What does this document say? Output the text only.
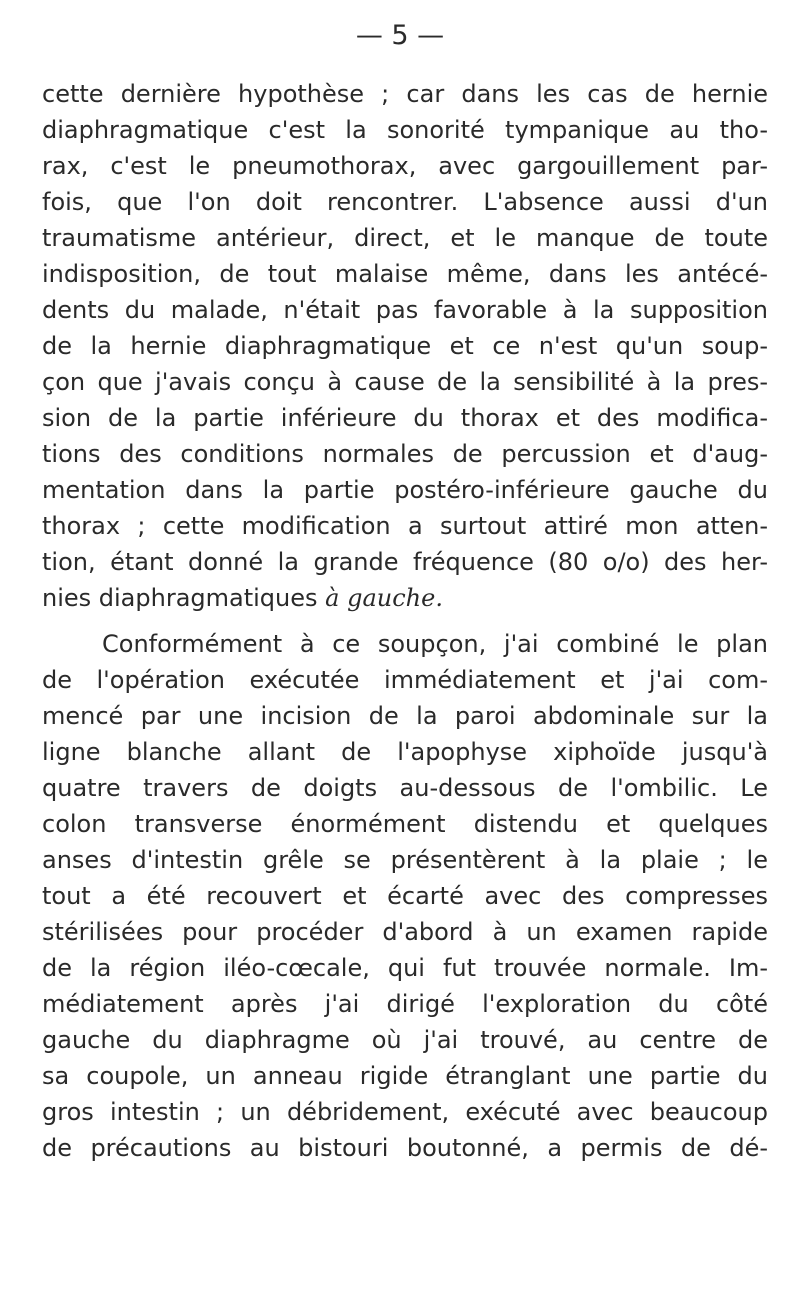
— 5 —
cette dernière hypothèse ; car dans les cas de hernie
diaphragmatique c'est la sonorité tympanique au tho-
rax, c'est le pneumothorax, avec gargouillement par-
fois, que l'on doit rencontrer. L'absence aussi d'un
traumatisme antérieur, direct, et le manque de toute
indisposition, de tout malaise même, dans les antécé-
dents du malade, n'était pas favorable à la supposition
de la hernie diaphragmatique et ce n'est qu'un soup-
çon que j'avais conçu à cause de la sensibilité à la pres-
sion de la partie inférieure du thorax et des modifica-
tions des conditions normales de percussion et d'aug-
mentation dans la partie postéro-inférieure gauche du
thorax ; cette modification a surtout attiré mon atten-
tion, étant donné la grande fréquence (80 o/o) des her-
nies diaphragmatiques à gauche.
Conformément à ce soupçon, j'ai combiné le plan
de l'opération exécutée immédiatement et j'ai com-
mencé par une incision de la paroi abdominale sur la
ligne blanche allant de l'apophyse xiphoïde jusqu'à
quatre travers de doigts au-dessous de l'ombilic. Le
colon transverse énormément distendu et quelques
anses d'intestin grêle se présentèrent à la plaie ; le
tout a été recouvert et écarté avec des compresses
stérilisées pour procéder d'abord à un examen rapide
de la région iléo-cœcale, qui fut trouvée normale. Im-
médiatement après j'ai dirigé l'exploration du côté
gauche du diaphragme où j'ai trouvé, au centre de
sa coupole, un anneau rigide étranglant une partie du
gros intestin ; un débridement, exécuté avec beaucoup
de précautions au bistouri boutonné, a permis de dé-
